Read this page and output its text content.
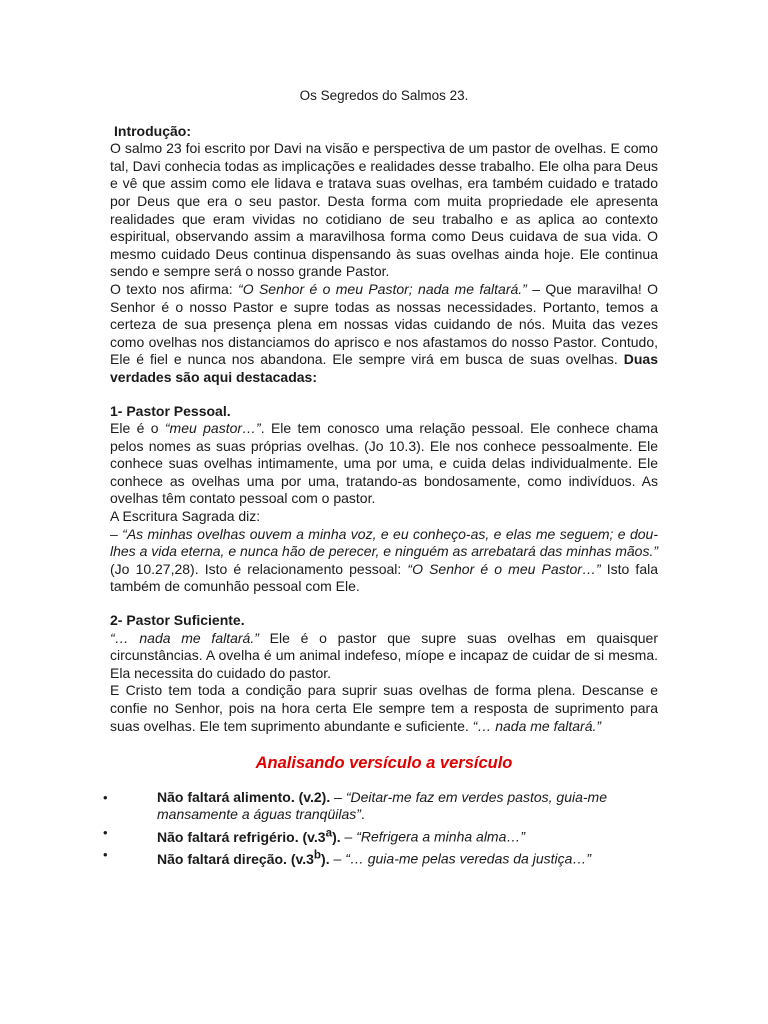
Os Segredos do Salmos 23.
Introdução:

O salmo 23 foi escrito por Davi na visão e perspectiva de um pastor de ovelhas. E como tal, Davi conhecia todas as implicações e realidades desse trabalho. Ele olha para Deus e vê que assim como ele lidava e tratava suas ovelhas, era também cuidado e tratado por Deus que era o seu pastor. Desta forma com muita propriedade ele apresenta realidades que eram vividas no cotidiano de seu trabalho e as aplica ao contexto espiritual, observando assim a maravilhosa forma como Deus cuidava de sua vida. O mesmo cuidado Deus continua dispensando às suas ovelhas ainda hoje. Ele continua sendo e sempre será o nosso grande Pastor.

O texto nos afirma: “O Senhor é o meu Pastor; nada me faltará.” – Que maravilha! O Senhor é o nosso Pastor e supre todas as nossas necessidades. Portanto, temos a certeza de sua presença plena em nossas vidas cuidando de nós. Muita das vezes como ovelhas nos distanciamos do aprisco e nos afastamos do nosso Pastor. Contudo, Ele é fiel e nunca nos abandona. Ele sempre virá em busca de suas ovelhas. Duas verdades são aqui destacadas:

1- Pastor Pessoal.

Ele é o “meu pastor…”. Ele tem conosco uma relação pessoal. Ele conhece chama pelos nomes as suas próprias ovelhas. (Jo 10.3). Ele nos conhece pessoalmente. Ele conhece suas ovelhas intimamente, uma por uma, e cuida delas individualmente. Ele conhece as ovelhas uma por uma, tratando-as bondosamente, como indivíduos. As ovelhas têm contato pessoal com o pastor.

A Escritura Sagrada diz:

– “As minhas ovelhas ouvem a minha voz, e eu conheço-as, e elas me seguem; e dou-lhes a vida eterna, e nunca hão de perecer, e ninguém as arrebatará das minhas mãos.” (Jo 10.27,28). Isto é relacionamento pessoal: “O Senhor é o meu Pastor…” Isto fala também de comunhão pessoal com Ele.

2- Pastor Suficiente.

“… nada me faltará.” Ele é o pastor que supre suas ovelhas em quaisquer circunstâncias. A ovelha é um animal indefeso, míope e incapaz de cuidar de si mesma. Ela necessita do cuidado do pastor.

E Cristo tem toda a condição para suprir suas ovelhas de forma plena. Descanse e confie no Senhor, pois na hora certa Ele sempre tem a resposta de suprimento para suas ovelhas. Ele tem suprimento abundante e suficiente. “… nada me faltará.”

Analisando versículo a versículo
•	Não faltará alimento. (v.2). – “Deitar-me faz em verdes pastos, guia-me mansamente a águas tranqüilas”.
•	Não faltará refrigério. (v.3$^a$). – “Refrigera a minha alma…”
•	Não faltará direção. (v.3$^b$). – “… guia-me pelas veredas da justiça…”
